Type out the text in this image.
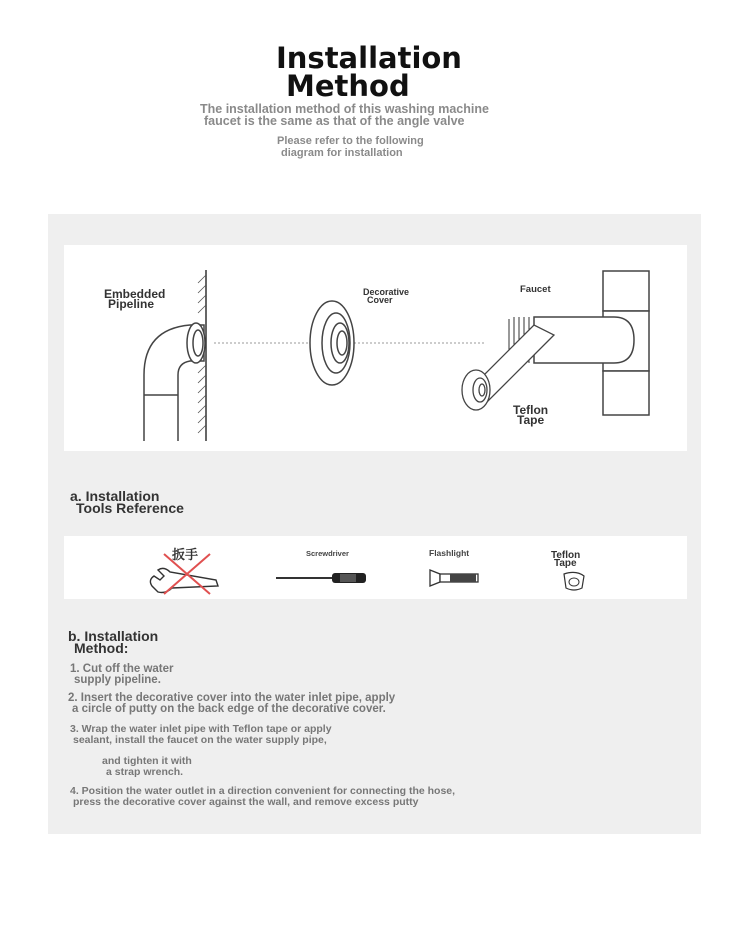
Installation
Method
The installation method of this washing machine
faucet is the same as that of the angle valve
Please refer to the following
diagram for installation
Embedded
Pipeline
Decorative
Cover
Faucet
Teflon
Tape
a. Installation
Tools Reference
扳手	Screwdriver	Flashlight	Teflon
Tape
b. Installation
Method:
1. Cut off the water
supply pipeline.
2. Insert the decorative cover into the water inlet pipe, apply
a circle of putty on the back edge of the decorative cover.
3. Wrap the water inlet pipe with Teflon tape or apply
sealant, install the faucet on the water supply pipe,
and tighten it with
a strap wrench.
4. Position the water outlet in a direction convenient for connecting the hose,
press the decorative cover against the wall, and remove excess putty
